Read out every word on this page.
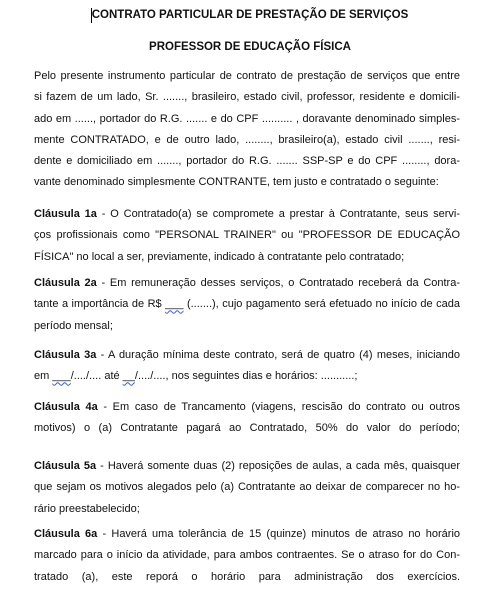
CONTRATO PARTICULAR DE PRESTAÇÃO DE SERVIÇOS
PROFESSOR DE EDUCAÇÃO FÍSICA
Pelo presente instrumento particular de contrato de prestação de serviços que entre
si fazem de um lado, Sr. ......., brasileiro, estado civil, professor, residente e domicili-
ado em ......, portador do R.G. ....... e do CPF .......... , doravante denominado simples-
mente CONTRATADO, e de outro lado, ........, brasileiro(a), estado civil ......., resi-
dente e domiciliado em ......., portador do R.G. ....... SSP-SP e do CPF ........, dora-
vante denominado simplesmente CONTRANTE, tem justo e contratado o seguinte:
Cláusula 1a - O Contratado(a) se compromete a prestar à Contratante, seus servi-
ços profissionais como "PERSONAL TRAINER" ou "PROFESSOR DE EDUCAÇÃO
FÍSICA" no local a ser, previamente, indicado à contratante pelo contratado;
Cláusula 2a - Em remuneração desses serviços, o Contratado receberá da Contra-
tante a importância de R$ ___ (.......), cujo pagamento será efetuado no início de cada
período mensal;
Cláusula 3a - A duração mínima deste contrato, será de quatro (4) meses, iniciando
em ___/..../.... até __/..../...., nos seguintes dias e horários: ...........;
Cláusula 4a - Em caso de Trancamento (viagens, rescisão do contrato ou outros
motivos) o (a) Contratante pagará ao Contratado, 50% do valor do período;
Cláusula 5a - Haverá somente duas (2) reposições de aulas, a cada mês, quaisquer
que sejam os motivos alegados pelo (a) Contratante ao deixar de comparecer no ho-
rário preestabelecido;
Cláusula 6a - Haverá uma tolerância de 15 (quinze) minutos de atraso no horário
marcado para o início da atividade, para ambos contraentes. Se o atraso for do Con-
tratado (a), este reporá o horário para administração dos exercícios.
